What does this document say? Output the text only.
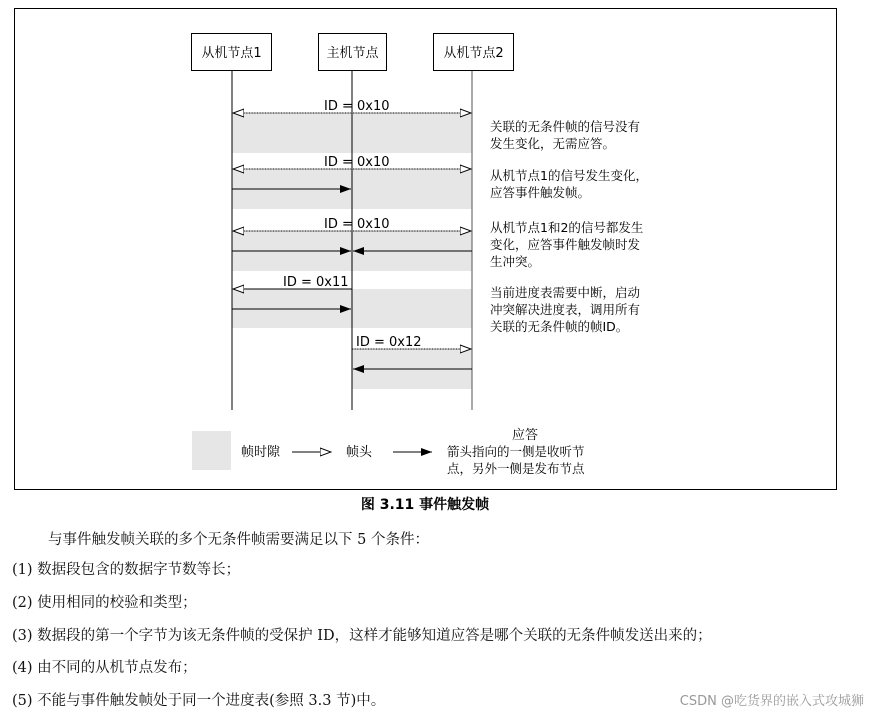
从机节点1	主机节点	从机节点2
ID = 0x10
ID = 0x10
ID = 0x10
ID = 0x11
ID = 0x12
关联的无条件帧的信号没有
发生变化，无需应答。
从机节点1的信号发生变化，
应答事件触发帧。
从机节点1和2的信号都发生
变化，应答事件触发帧时发
生冲突。
当前进度表需要中断，启动
冲突解决进度表，调用所有
关联的无条件帧的帧ID。
帧时隙	帧头
应答
箭头指向的一侧是收听节
点，另外一侧是发布节点
图 3.11 事件触发帧
与事件触发帧关联的多个无条件帧需要满足以下 5 个条件：
(1) 数据段包含的数据字节数等长；
(2) 使用相同的校验和类型；
(3) 数据段的第一个字节为该无条件帧的受保护 ID，这样才能够知道应答是哪个关联的无条件帧发送出来的；
(4) 由不同的从机节点发布；
(5) 不能与事件触发帧处于同一个进度表(参照 3.3 节)中。	CSDN @吃货界的嵌入式攻城狮
